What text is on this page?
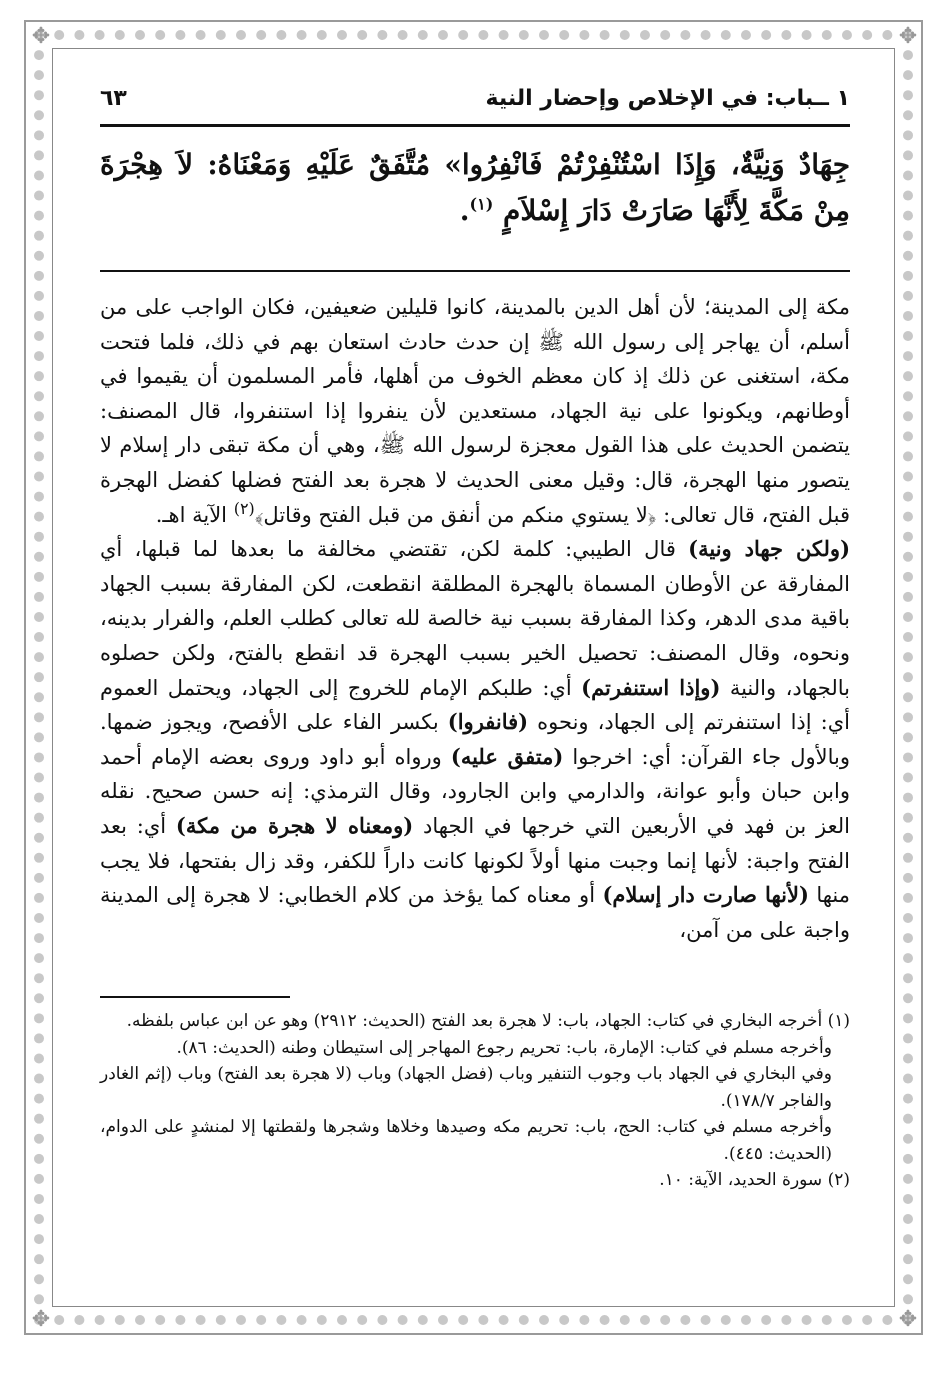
✥	✥
✥	✥
١ ــباب: في الإخلاص وإحضار النية
٦٣
جِهَادٌ وَنِيَّةٌ، وَإِذَا اسْتُنْفِرْتُمْ فَانْفِرُوا» مُتَّفَقٌ عَلَيْهِ وَمَعْنَاهُ: لاَ هِجْرَةَ مِنْ مَكَّةَ لِأَنَّهَا صَارَتْ دَارَ إِسْلاَمٍ $^{(١)}$.
مكة إلى المدينة؛ لأن أهل الدين بالمدينة، كانوا قليلين ضعيفين، فكان الواجب على من أسلم، أن يهاجر إلى رسول الله ﷺ إن حدث حادث استعان بهم في ذلك، فلما فتحت مكة، استغنى عن ذلك إذ كان معظم الخوف من أهلها، فأمر المسلمون أن يقيموا في أوطانهم، ويكونوا على نية الجهاد، مستعدين لأن ينفروا إذا استنفروا، قال المصنف: يتضمن الحديث على هذا القول معجزة لرسول الله ﷺ، وهي أن مكة تبقى دار إسلام لا يتصور منها الهجرة، قال: وقيل معنى الحديث لا هجرة بعد الفتح فضلها كفضل الهجرة قبل الفتح، قال تعالى: ﴿لا يستوي منكم من أنفق من قبل الفتح وقاتل﴾$^{(٢)}$ الآية اهـ.
(ولكن جهاد ونية) قال الطيبي: كلمة لكن، تقتضي مخالفة ما بعدها لما قبلها، أي المفارقة عن الأوطان المسماة بالهجرة المطلقة انقطعت، لكن المفارقة بسبب الجهاد باقية مدى الدهر، وكذا المفارقة بسبب نية خالصة لله تعالى كطلب العلم، والفرار بدينه، ونحوه، وقال المصنف: تحصيل الخير بسبب الهجرة قد انقطع بالفتح، ولكن حصلوه بالجهاد، والنية (وإذا استنفرتم) أي: طلبكم الإمام للخروج إلى الجهاد، ويحتمل العموم أي: إذا استنفرتم إلى الجهاد، ونحوه (فانفروا) بكسر الفاء على الأفصح، ويجوز ضمها. وبالأول جاء القرآن: أي: اخرجوا (متفق عليه) ورواه أبو داود وروى بعضه الإمام أحمد وابن حبان وأبو عوانة، والدارمي وابن الجارود، وقال الترمذي: إنه حسن صحيح. نقله العز بن فهد في الأربعين التي خرجها في الجهاد (ومعناه لا هجرة من مكة) أي: بعد الفتح واجبة: لأنها إنما وجبت منها أولاً لكونها كانت داراً للكفر، وقد زال بفتحها، فلا يجب منها (لأنها صارت دار إسلام) أو معناه كما يؤخذ من كلام الخطابي: لا هجرة إلى المدينة واجبة على من آمن،

(١) أخرجه البخاري في كتاب: الجهاد، باب: لا هجرة بعد الفتح (الحديث: ٢٩١٢) وهو عن ابن عباس بلفظه.

وأخرجه مسلم في كتاب: الإمارة، باب: تحريم رجوع المهاجر إلى استيطان وطنه (الحديث: ٨٦).

وفي البخاري في الجهاد باب وجوب التنفير وباب (فضل الجهاد) وباب (لا هجرة بعد الفتح) وباب (إثم الغادر والفاجر ١٧٨/٧).

وأخرجه مسلم في كتاب: الحج، باب: تحريم مكه وصيدها وخلاها وشجرها ولقطتها إلا لمنشدٍ على الدوام، (الحديث: ٤٤٥).

(٢) سورة الحديد، الآية: ١٠.
